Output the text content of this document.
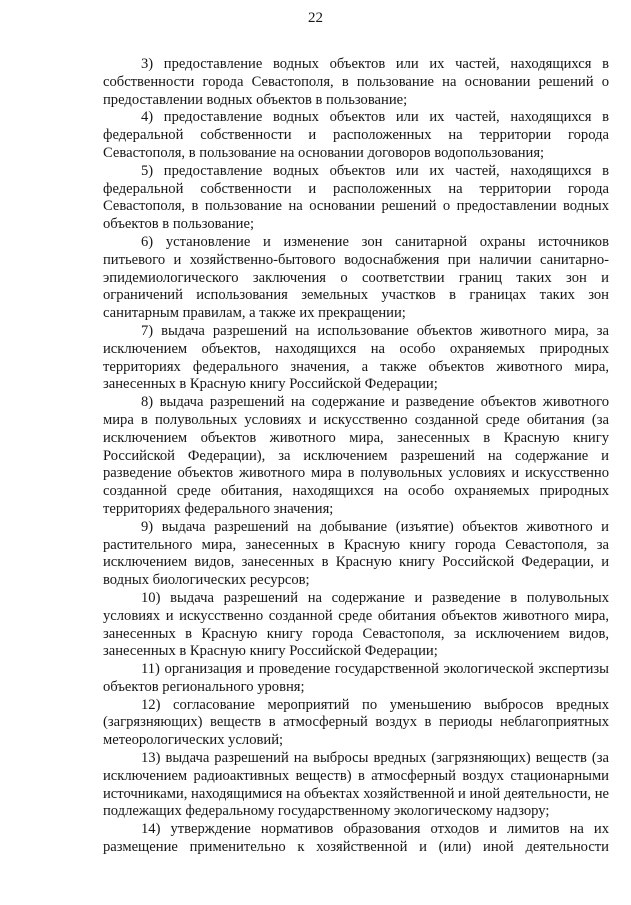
22

3) предоставление водных объектов или их частей, находящихся в собственности города Севастополя, в пользование на основании решений о предоставлении водных объектов в пользование;

4) предоставление водных объектов или их частей, находящихся в федеральной собственности и расположенных на территории города Севастополя, в пользование на основании договоров водопользования;

5) предоставление водных объектов или их частей, находящихся в федеральной собственности и расположенных на территории города Севастополя, в пользование на основании решений о предоставлении водных объектов в пользование;

6) установление и изменение зон санитарной охраны источников питьевого и хозяйственно-бытового водоснабжения при наличии санитарно-эпидемиологического заключения о соответствии границ таких зон и ограничений использования земельных участков в границах таких зон санитарным правилам, а также их прекращении;

7) выдача разрешений на использование объектов животного мира, за исключением объектов, находящихся на особо охраняемых природных территориях федерального значения, а также объектов животного мира, занесенных в Красную книгу Российской Федерации;

8) выдача разрешений на содержание и разведение объектов животного мира в полувольных условиях и искусственно созданной среде обитания (за исключением объектов животного мира, занесенных в Красную книгу Российской Федерации), за исключением разрешений на содержание и разведение объектов животного мира в полувольных условиях и искусственно созданной среде обитания, находящихся на особо охраняемых природных территориях федерального значения;

9) выдача разрешений на добывание (изъятие) объектов животного и растительного мира, занесенных в Красную книгу города Севастополя, за исключением видов, занесенных в Красную книгу Российской Федерации, и водных биологических ресурсов;

10) выдача разрешений на содержание и разведение в полувольных условиях и искусственно созданной среде обитания объектов животного мира, занесенных в Красную книгу города Севастополя, за исключением видов, занесенных в Красную книгу Российской Федерации;

11) организация и проведение государственной экологической экспертизы объектов регионального уровня;

12) согласование мероприятий по уменьшению выбросов вредных (загрязняющих) веществ в атмосферный воздух в периоды неблагоприятных метеорологических условий;

13) выдача разрешений на выбросы вредных (загрязняющих) веществ (за исключением радиоактивных веществ) в атмосферный воздух стационарными источниками, находящимися на объектах хозяйственной и иной деятельности, не подлежащих федеральному государственному экологическому надзору;

14) утверждение нормативов образования отходов и лимитов на их размещение применительно к хозяйственной и (или) иной деятельности
